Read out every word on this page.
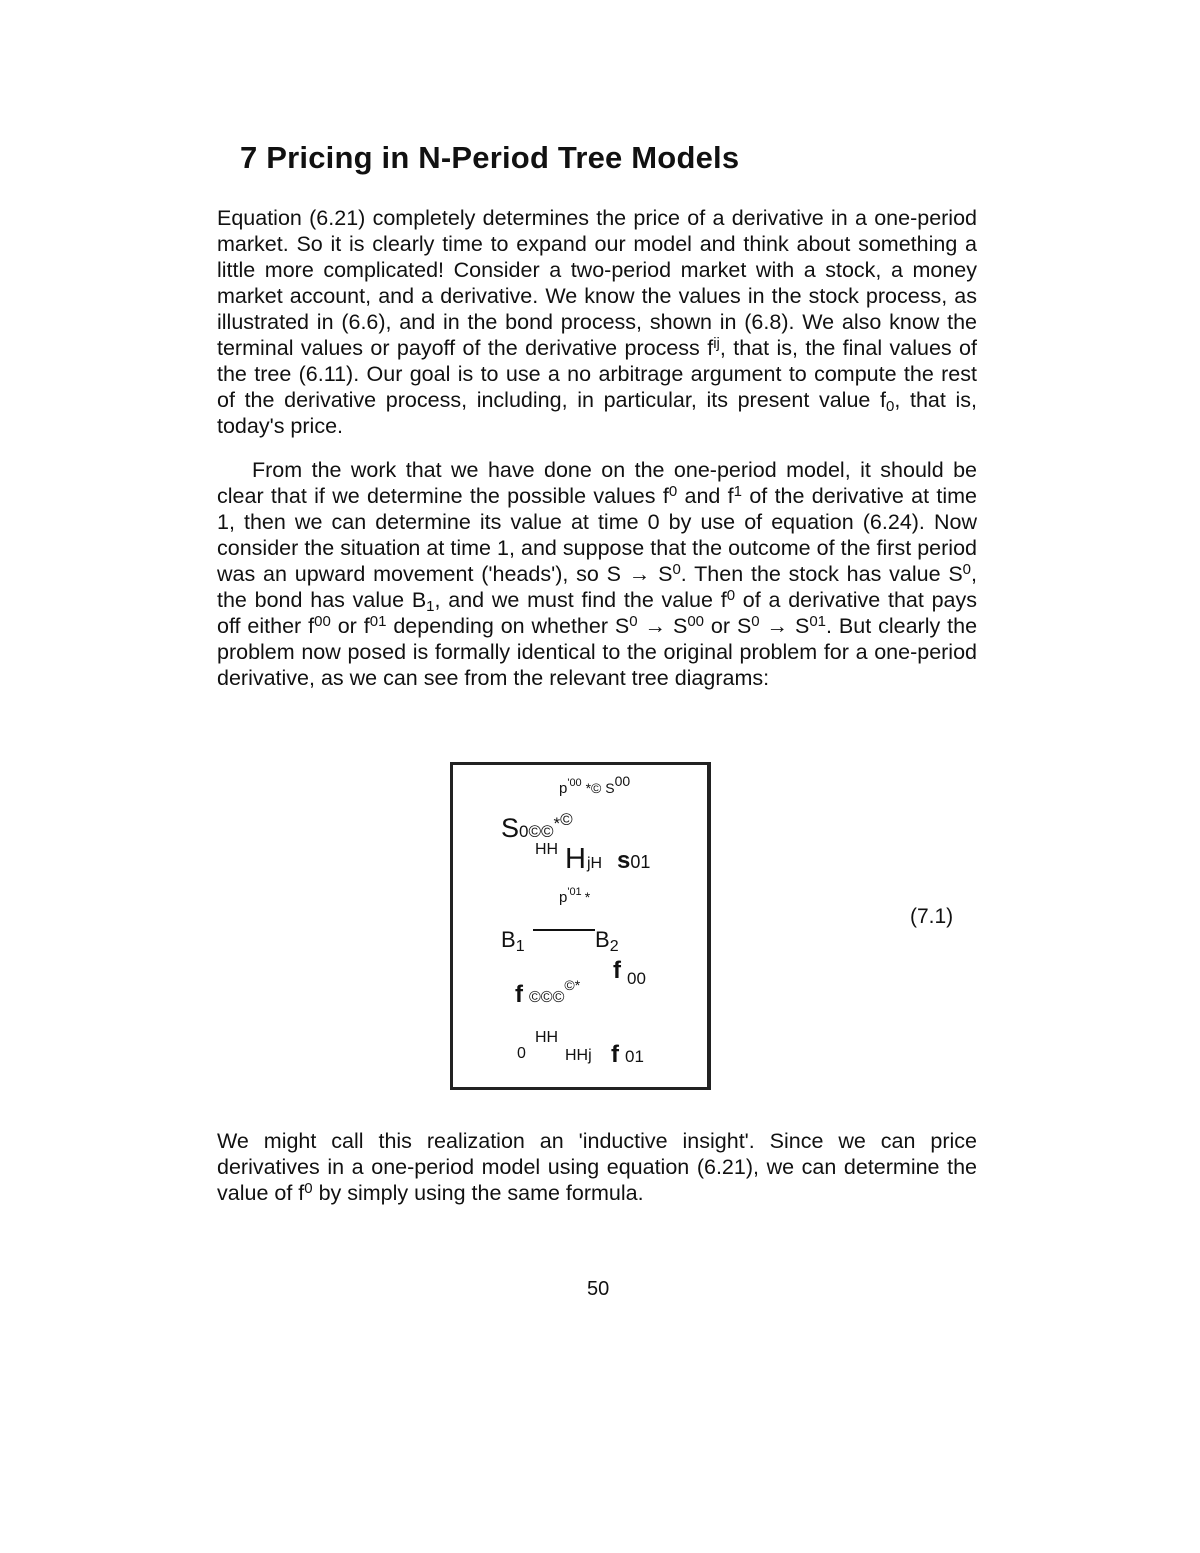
7 Pricing in N-Period Tree Models

Equation (6.21) completely determines the price of a derivative in a one-period market. So it is clearly time to expand our model and think about something a little more complicated! Consider a two-period market with a stock, a money market account, and a derivative. We know the values in the stock process, as illustrated in (6.6), and in the bond process, shown in (6.8). We also know the terminal values or payoff of the derivative process $f^{ij}$, that is, the final values of the tree (6.11). Our goal is to use a no arbitrage argument to compute the rest of the derivative process, including, in particular, its present value $f_0$, that is, today's price.

From the work that we have done on the one-period model, it should be clear that if we determine the possible values $f^0$ and $f^1$ of the derivative at time 1, then we can determine its value at time 0 by use of equation (6.24). Now consider the situation at time 1, and suppose that the outcome of the first period was an upward movement ('heads'), so $S \to S^0$. Then the stock has value $S^0$, the bond has value $B_1$, and we must find the value $f^0$ of a derivative that pays off either $f^{00}$ or $f^{01}$ depending on whether $S^0 \to S^{00}$ or $S^0 \to S^{01}$. But clearly the problem now posed is formally identical to the original problem for a one-period derivative, as we can see from the relevant tree diagrams:

$p^{'00}$ *© $S^{00}$
S0©©*©
HH H jH s01
$p^{'01}$ *
$B_1$	$B_2$
f ©©©©*
f $_{00}$
0
HH
HHj f 01
(7.1)

We might call this realization an 'inductive insight'. Since we can price derivatives in a one-period model using equation (6.21), we can determine the value of $f^0$ by simply using the same formula.

50
